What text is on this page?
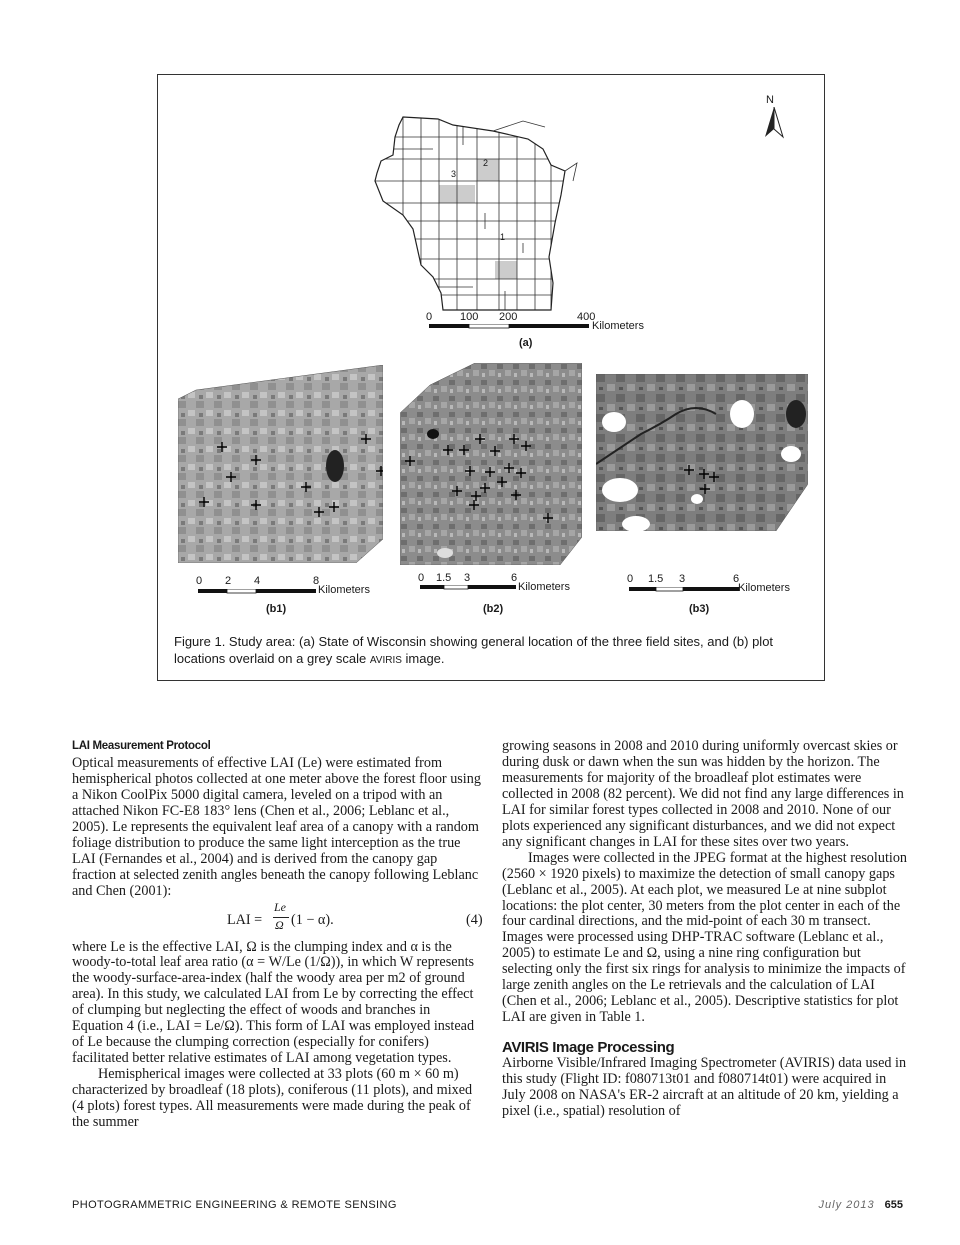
N
1
2
3
0	100 200	400
Kilometers
(a)
0 2 4	8
Kilometers
(b1)
0 1.5 3	6
Kilometers
(b2)
0 1.5 3	6
Kilometers
(b3)
Figure 1. Study area: (a) State of Wisconsin showing general location of the three field sites, and (b) plot locations overlaid on a grey scale AVIRIS image.
LAI Measurement Protocol

Optical measurements of effective LAI (Le) were estimated from hemispherical photos collected at one meter above the forest floor using a Nikon CoolPix 5000 digital camera, leveled on a tripod with an attached Nikon FC-E8 183° lens (Chen et al., 2006; Leblanc et al., 2005). Le represents the equivalent leaf area of a canopy with a random foliage distribution to produce the same light interception as the true LAI (Fernandes et al., 2004) and is derived from the canopy gap fraction at selected zenith angles beneath the canopy following Leblanc and Chen (2001):

LAI =
Le
Ω (1 − α).	(4)

where Le is the effective LAI, Ω is the clumping index and α is the woody-to-total leaf area ratio (α = W/Le (1/Ω)), in which W represents the woody-surface-area-index (half the woody area per m2 of ground area). In this study, we calculated LAI from Le by correcting the effect of clumping but neglecting the effect of woods and branches in Equation 4 (i.e., LAI = Le/Ω). This form of LAI was employed instead of Le because the clumping correction (especially for conifers) facilitated better relative estimates of LAI among vegetation types.

Hemispherical images were collected at 33 plots (60 m × 60 m) characterized by broadleaf (18 plots), coniferous (11 plots), and mixed (4 plots) forest types. All measurements were made during the peak of the summer

growing seasons in 2008 and 2010 during uniformly overcast skies or during dusk or dawn when the sun was hidden by the horizon. The measurements for majority of the broadleaf plot estimates were collected in 2008 (82 percent). We did not find any large differences in LAI for similar forest types collected in 2008 and 2010. None of our plots experienced any significant disturbances, and we did not expect any significant changes in LAI for these sites over two years.

Images were collected in the JPEG format at the highest resolution (2560 × 1920 pixels) to maximize the detection of small canopy gaps (Leblanc et al., 2005). At each plot, we measured Le at nine subplot locations: the plot center, 30 meters from the plot center in each of the four cardinal directions, and the mid-point of each 30 m transect. Images were processed using DHP-TRAC software (Leblanc et al., 2005) to estimate Le and Ω, using a nine ring configuration but selecting only the first six rings for analysis to minimize the impacts of large zenith angles on the Le retrievals and the calculation of LAI (Chen et al., 2006; Leblanc et al., 2005). Descriptive statistics for plot LAI are given in Table 1.

AVIRIS Image Processing

Airborne Visible/Infrared Imaging Spectrometer (AVIRIS) data used in this study (Flight ID: f080713t01 and f080714t01) were acquired in July 2008 on NASA's ER-2 aircraft at an altitude of 20 km, yielding a pixel (i.e., spatial) resolution of

PHOTOGRAMMETRIC ENGINEERING & REMOTE SENSING	July 2013 655
